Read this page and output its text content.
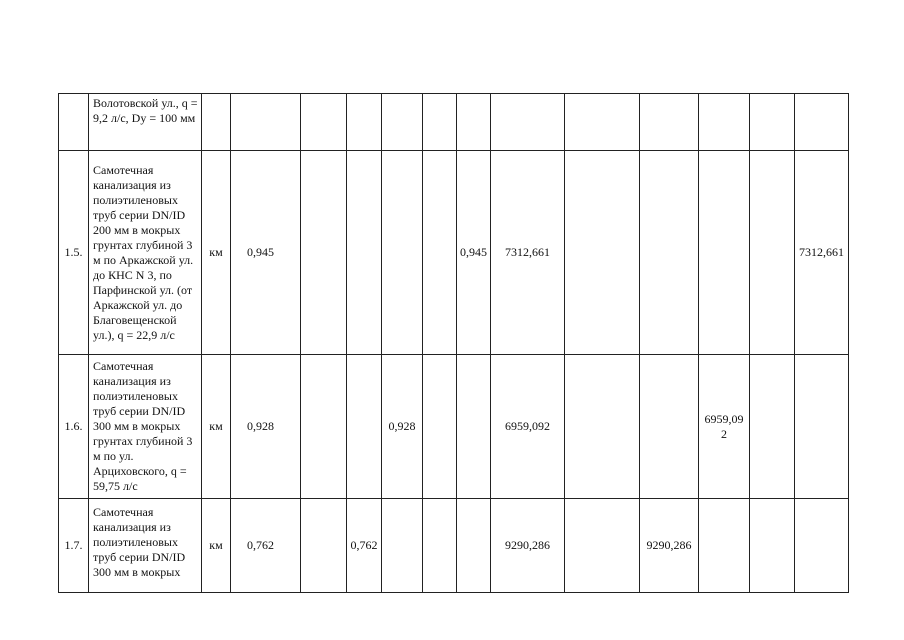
	Волотовской ул., q = 9,2 л/с, Dy = 100 мм													
1.5.	Самотечная канализация из полиэтиленовых труб серии DN/ID 200 мм в мокрых грунтах глубиной 3 м по Аркажской ул. до КНС N 3, по Парфинской ул. (от Аркажской ул. до Благовещенской ул.), q = 22,9 л/с	км	0,945					0,945	7312,661					7312,661
1.6.	Самотечная канализация из полиэтиленовых труб серии DN/ID 300 мм в мокрых грунтах глубиной 3 м по ул. Арциховского, q = 59,75 л/с	км	0,928			0,928			6959,092			6959,092		
1.7.	Самотечная канализация из полиэтиленовых труб серии DN/ID 300 мм в мокрых	км	0,762		0,762				9290,286		9290,286			
